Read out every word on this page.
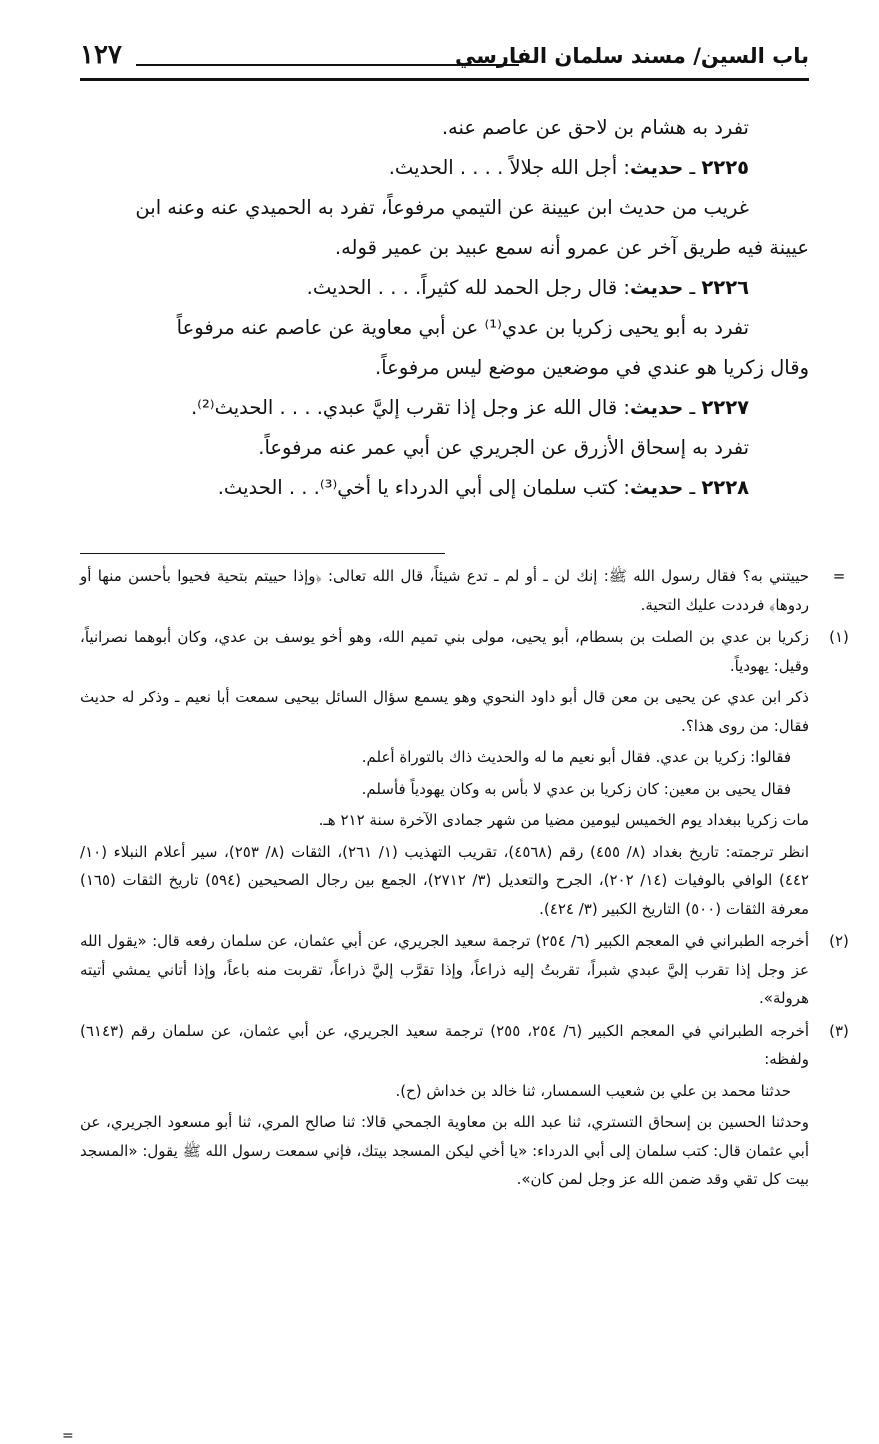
باب السين/ مسند سلمان الفارسي
١٢٧

تفرد به هشام بن لاحق عن عاصم عنه.

٢٢٢٥ ـ حديث: أجل الله جلالاً . . . . الحديث.

غريب من حديث ابن عيينة عن التيمي مرفوعاً، تفرد به الحميدي عنه وعنه ابن

عيينة فيه طريق آخر عن عمرو أنه سمع عبيد بن عمير قوله.

٢٢٢٦ ـ حديث: قال رجل الحمد لله كثيراً. . . . الحديث.

تفرد به أبو يحيى زكريا بن عدي⁽¹⁾ عن أبي معاوية عن عاصم عنه مرفوعاً

وقال زكريا هو عندي في موضعين موضع ليس مرفوعاً.

٢٢٢٧ ـ حديث: قال الله عز وجل إذا تقرب إليَّ عبدي. . . . الحديث⁽²⁾.

تفرد به إسحاق الأزرق عن الجريري عن أبي عمر عنه مرفوعاً.

٢٢٢٨ ـ حديث: كتب سلمان إلى أبي الدرداء يا أخي⁽³⁾. . . الحديث.

=

حييتني به؟ فقال رسول الله ﷺ: إنك لن ـ أو لم ـ تدع شيئاً، قال الله تعالى: ﴿وإذا حييتم بتحية فحيوا بأحسن منها أو ردوها﴾ فرددت عليك التحية.

(١)

زكريا بن عدي بن الصلت بن بسطام، أبو يحيى، مولى بني تميم الله، وهو أخو يوسف بن عدي، وكان أبوهما نصرانياً، وقيل: يهودياً.

ذكر ابن عدي عن يحيى بن معن قال أبو داود النحوي وهو يسمع سؤال السائل بيحيى سمعت أبا نعيم ـ وذكر له حديث فقال: من روى هذا؟.

فقالوا: زكريا بن عدي. فقال أبو نعيم ما له والحديث ذاك بالتوراة أعلم.

فقال يحيى بن معين: كان زكريا بن عدي لا بأس به وكان يهودياً فأسلم.

مات زكريا ببغداد يوم الخميس ليومين مضيا من شهر جمادى الآخرة سنة ٢١٢ هـ.

انظر ترجمته: تاريخ بغداد (٨/ ٤٥٥) رقم (٤٥٦٨)، تقريب التهذيب (١/ ٢٦١)، الثقات (٨/ ٢٥٣)، سير أعلام النبلاء (١٠/ ٤٤٢) الوافي بالوفيات (١٤/ ٢٠٢)، الجرح والتعديل (٣/ ٢٧١٢)، الجمع بين رجال الصحيحين (٥٩٤) تاريخ الثقات (١٦٥) معرفة الثقات (٥٠٠) التاريخ الكبير (٣/ ٤٢٤).

(٢)

أخرجه الطبراني في المعجم الكبير (٦/ ٢٥٤) ترجمة سعيد الجريري، عن أبي عثمان، عن سلمان رفعه قال: «يقول الله عز وجل إذا تقرب إليَّ عبدي شبراً، تقربتُ إليه ذراعاً، وإذا تقرَّب إليَّ ذراعاً، تقربت منه باعاً، وإذا أتاني يمشي أتيته هرولة».

(٣)

أخرجه الطبراني في المعجم الكبير (٦/ ٢٥٤، ٢٥٥) ترجمة سعيد الجريري، عن أبي عثمان، عن سلمان رقم (٦١٤٣) ولفظه:

حدثنا محمد بن علي بن شعيب السمسار، ثنا خالد بن خداش (ح).

وحدثنا الحسين بن إسحاق التستري، ثنا عبد الله بن معاوية الجمحي قالا: ثنا صالح المري، ثنا أبو مسعود الجريري، عن أبي عثمان قال: كتب سلمان إلى أبي الدرداء: «يا أخي ليكن المسجد بيتك، فإني سمعت رسول الله ﷺ يقول: «المسجد بيت كل تقي وقد ضمن الله عز وجل لمن كان».

=
